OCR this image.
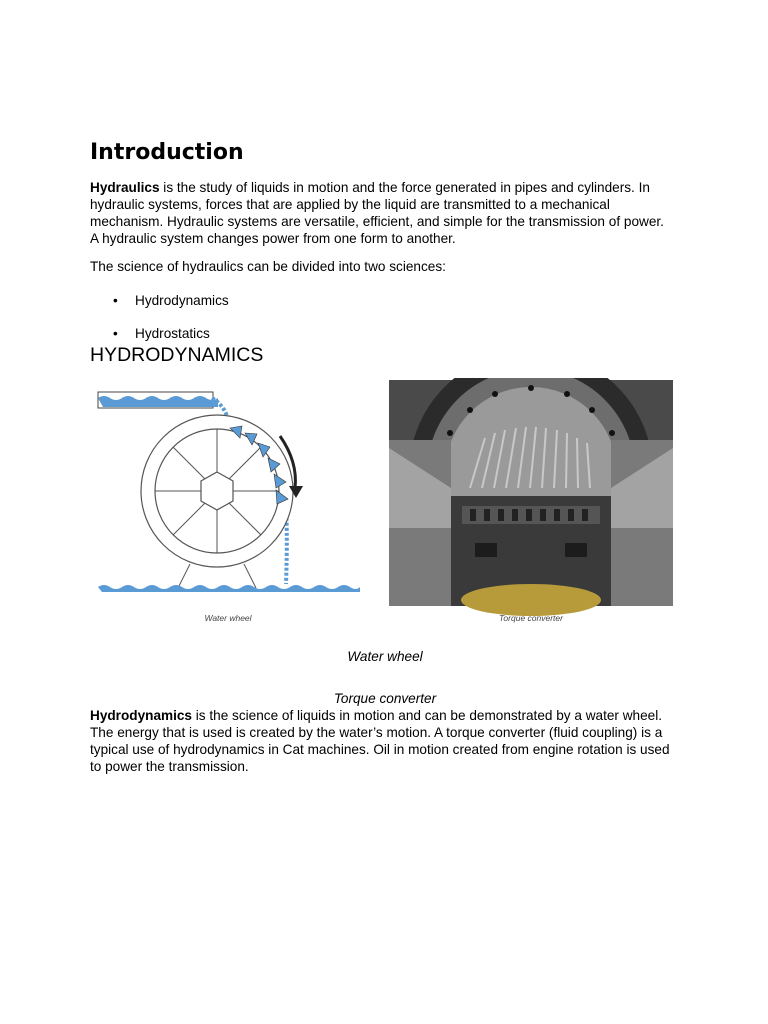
Introduction

Hydraulics is the study of liquids in motion and the force generated in pipes and cylinders. In hydraulic systems, forces that are applied by the liquid are transmitted to a mechanical mechanism. Hydraulic systems are versatile, efficient, and simple for the transmission of power. A hydraulic system changes power from one form to another.

The science of hydraulics can be divided into two sciences:

• Hydrodynamics
• Hydrostatics
HYDRODYNAMICS
Water wheel	Torque converter
Water wheel
Torque converter

Hydrodynamics is the science of liquids in motion and can be demonstrated by a water wheel. The energy that is used is created by the water’s motion. A torque converter (fluid coupling) is a typical use of hydrodynamics in Cat machines. Oil in motion created from engine rotation is used to power the transmission.
